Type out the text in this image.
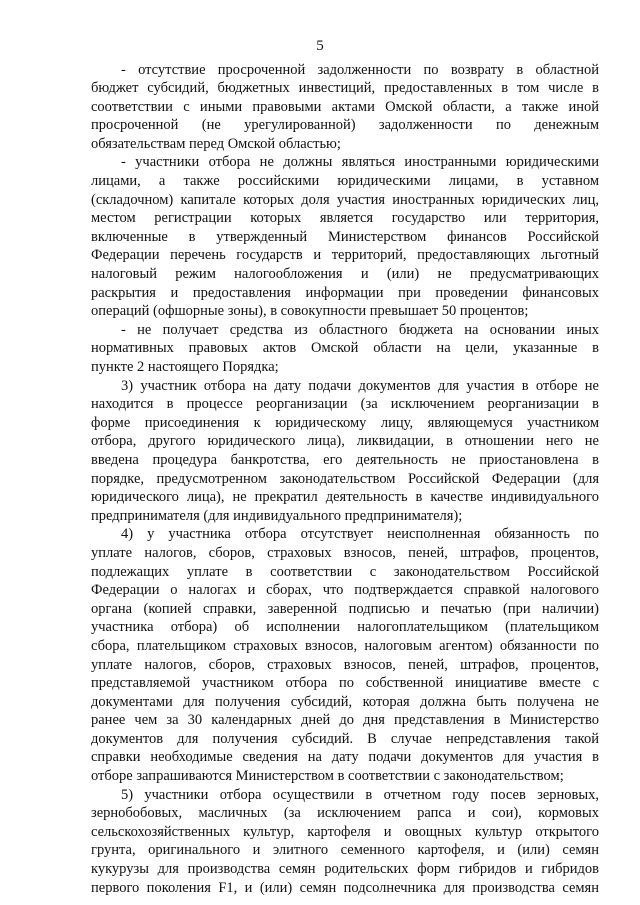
5
- отсутствие просроченной задолженности по возврату в областной
бюджет субсидий, бюджетных инвестиций, предоставленных в том числе в
соответствии с иными правовыми актами Омской области, а также иной
просроченной (не урегулированной) задолженности по денежным
обязательствам перед Омской областью;
- участники отбора не должны являться иностранными юридическими
лицами, а также российскими юридическими лицами, в уставном
(складочном) капитале которых доля участия иностранных юридических лиц,
местом регистрации которых является государство или территория,
включенные в утвержденный Министерством финансов Российской
Федерации перечень государств и территорий, предоставляющих льготный
налоговый режим налогообложения и (или) не предусматривающих
раскрытия и предоставления информации при проведении финансовых
операций (офшорные зоны), в совокупности превышает 50 процентов;
- не получает средства из областного бюджета на основании иных
нормативных правовых актов Омской области на цели, указанные в
пункте 2 настоящего Порядка;
3) участник отбора на дату подачи документов для участия в отборе не
находится в процессе реорганизации (за исключением реорганизации в
форме присоединения к юридическому лицу, являющемуся участником
отбора, другого юридического лица), ликвидации, в отношении него не
введена процедура банкротства, его деятельность не приостановлена в
порядке, предусмотренном законодательством Российской Федерации (для
юридического лица), не прекратил деятельность в качестве индивидуального
предпринимателя (для индивидуального предпринимателя);
4) у участника отбора отсутствует неисполненная обязанность по
уплате налогов, сборов, страховых взносов, пеней, штрафов, процентов,
подлежащих уплате в соответствии с законодательством Российской
Федерации о налогах и сборах, что подтверждается справкой налогового
органа (копией справки, заверенной подписью и печатью (при наличии)
участника отбора) об исполнении налогоплательщиком (плательщиком
сбора, плательщиком страховых взносов, налоговым агентом) обязанности по
уплате налогов, сборов, страховых взносов, пеней, штрафов, процентов,
представляемой участником отбора по собственной инициативе вместе с
документами для получения субсидий, которая должна быть получена не
ранее чем за 30 календарных дней до дня представления в Министерство
документов для получения субсидий. В случае непредставления такой
справки необходимые сведения на дату подачи документов для участия в
отборе запрашиваются Министерством в соответствии с законодательством;
5) участники отбора осуществили в отчетном году посев зерновых,
зернобобовых, масличных (за исключением рапса и сои), кормовых
сельскохозяйственных культур, картофеля и овощных культур открытого
грунта, оригинального и элитного семенного картофеля, и (или) семян
кукурузы для производства семян родительских форм гибридов и гибридов
первого поколения F1, и (или) семян подсолнечника для производства семян
